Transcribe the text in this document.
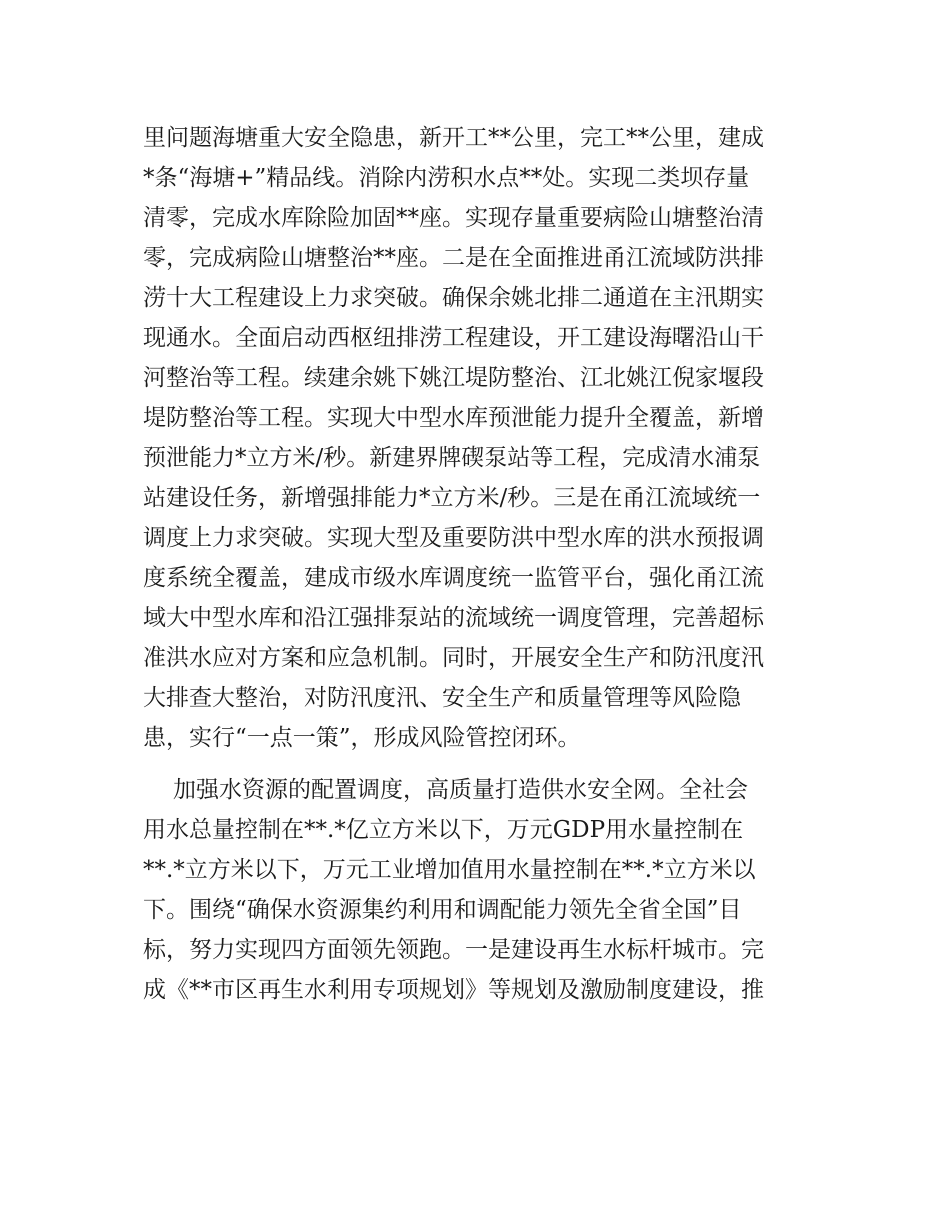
里问题海塘重大安全隐患，新开工**公里，完工**公里，建成
*条“海塘+”精品线。消除内涝积水点**处。实现二类坝存量
清零，完成水库除险加固**座。实现存量重要病险山塘整治清
零，完成病险山塘整治**座。二是在全面推进甬江流域防洪排
涝十大工程建设上力求突破。确保余姚北排二通道在主汛期实
现通水。全面启动西枢纽排涝工程建设，开工建设海曙沿山干
河整治等工程。续建余姚下姚江堤防整治、江北姚江倪家堰段
堤防整治等工程。实现大中型水库预泄能力提升全覆盖，新增
预泄能力*立方米/秒。新建界牌碶泵站等工程，完成清水浦泵
站建设任务，新增强排能力*立方米/秒。三是在甬江流域统一
调度上力求突破。实现大型及重要防洪中型水库的洪水预报调
度系统全覆盖，建成市级水库调度统一监管平台，强化甬江流
域大中型水库和沿江强排泵站的流域统一调度管理，完善超标
准洪水应对方案和应急机制。同时，开展安全生产和防汛度汛
大排查大整治，对防汛度汛、安全生产和质量管理等风险隐
患，实行“一点一策”，形成风险管控闭环。
加强水资源的配置调度，高质量打造供水安全网。全社会
用水总量控制在**.*亿立方米以下，万元GDP用水量控制在
**.*立方米以下，万元工业增加值用水量控制在**.*立方米以
下。围绕“确保水资源集约利用和调配能力领先全省全国”目
标，努力实现四方面领先领跑。一是建设再生水标杆城市。完
成《**市区再生水利用专项规划》等规划及激励制度建设，推
